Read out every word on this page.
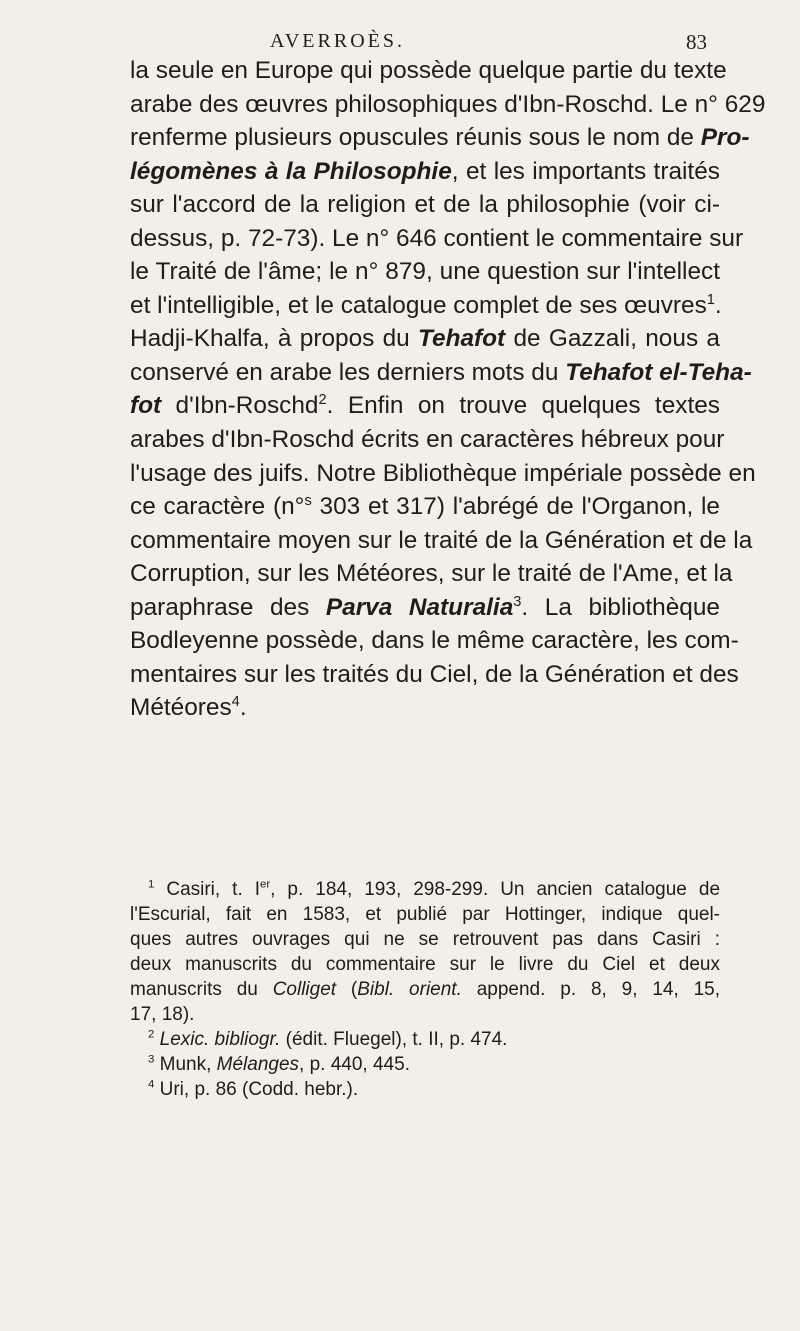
AVERROÈS.	83
la seule en Europe qui possède quelque partie du texte
arabe des œuvres philosophiques d'Ibn-Roschd. Le n° 629
renferme plusieurs opuscules réunis sous le nom de Pro-
légomènes à la Philosophie, et les importants traités
sur l'accord de la religion et de la philosophie (voir ci-
dessus, p. 72-73). Le n° 646 contient le commentaire sur
le Traité de l'âme; le n° 879, une question sur l'intellect
et l'intelligible, et le catalogue complet de ses œuvres$^1$.
Hadji-Khalfa, à propos du Tehafot de Gazzali, nous a
conservé en arabe les derniers mots du Tehafot el-Teha-
fot d'Ibn-Roschd$^2$. Enfin on trouve quelques textes
arabes d'Ibn-Roschd écrits en caractères hébreux pour
l'usage des juifs. Notre Bibliothèque impériale possède en
ce caractère (n°$^s$ 303 et 317) l'abrégé de l'Organon, le
commentaire moyen sur le traité de la Génération et de la
Corruption, sur les Météores, sur le traité de l'Ame, et la
paraphrase des Parva Naturalia$^3$. La bibliothèque
Bodleyenne possède, dans le même caractère, les com-
mentaires sur les traités du Ciel, de la Génération et des
Météores$^4$.
$^1$ Casiri, t. Ier, p. 184, 193, 298-299. Un ancien catalogue de
l'Escurial, fait en 1583, et publié par Hottinger, indique quel-
ques autres ouvrages qui ne se retrouvent pas dans Casiri :
deux manuscrits du commentaire sur le livre du Ciel et deux
manuscrits du Colliget (Bibl. orient. append. p. 8, 9, 14, 15,
17, 18).
$^2$ Lexic. bibliogr. (édit. Fluegel), t. II, p. 474.
$^3$ Munk, Mélanges, p. 440, 445.
$^4$ Uri, p. 86 (Codd. hebr.).
